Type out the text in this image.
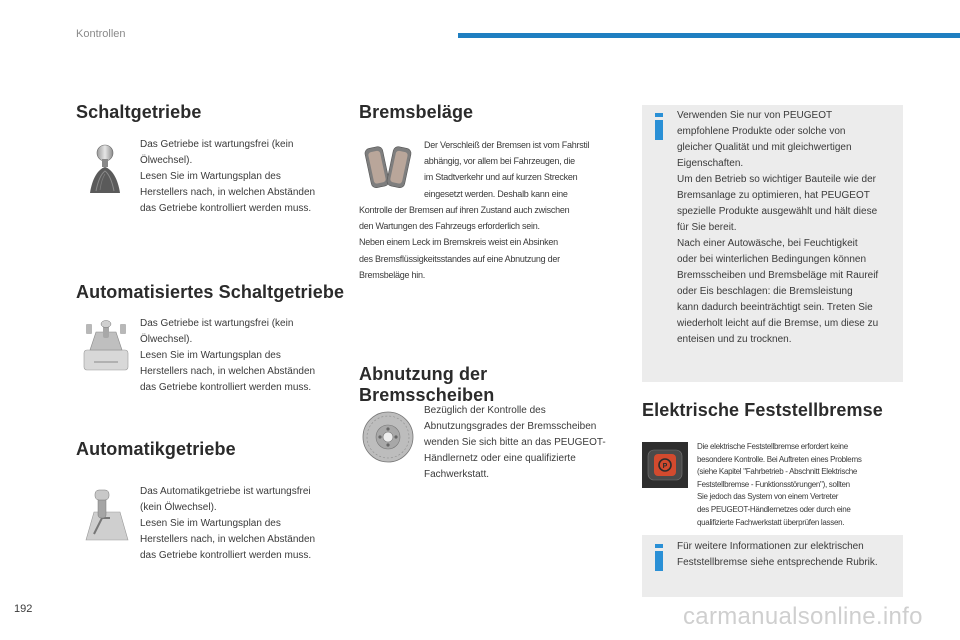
Kontrollen
Schaltgetriebe

Das Getriebe ist wartungsfrei (kein

Ölwechsel).

Lesen Sie im Wartungsplan des

Herstellers nach, in welchen Abständen

das Getriebe kontrolliert werden muss.

Automatisiertes Schaltgetriebe

Das Getriebe ist wartungsfrei (kein

Ölwechsel).

Lesen Sie im Wartungsplan des

Herstellers nach, in welchen Abständen

das Getriebe kontrolliert werden muss.

Automatikgetriebe

Das Automatikgetriebe ist wartungsfrei

(kein Ölwechsel).

Lesen Sie im Wartungsplan des

Herstellers nach, in welchen Abständen

das Getriebe kontrolliert werden muss.

Bremsbeläge

Der Verschleiß der Bremsen ist vom Fahrstil

abhängig, vor allem bei Fahrzeugen, die

im Stadtverkehr und auf kurzen Strecken

eingesetzt werden. Deshalb kann eine

Kontrolle der Bremsen auf ihren Zustand auch zwischen

den Wartungen des Fahrzeugs erforderlich sein.

Neben einem Leck im Bremskreis weist ein Absinken

des Bremsflüssigkeitsstandes auf eine Abnutzung der

Bremsbeläge hin.

Abnutzung der
Bremsscheiben

Bezüglich der Kontrolle des

Abnutzungsgrades der Bremsscheiben

wenden Sie sich bitte an das PEUGEOT-

Händlernetz oder eine qualifizierte

Fachwerkstatt.

Verwenden Sie nur von PEUGEOT

empfohlene Produkte oder solche von

gleicher Qualität und mit gleichwertigen

Eigenschaften.

Um den Betrieb so wichtiger Bauteile wie der

Bremsanlage zu optimieren, hat PEUGEOT

spezielle Produkte ausgewählt und hält diese

für Sie bereit.

Nach einer Autowäsche, bei Feuchtigkeit

oder bei winterlichen Bedingungen können

Bremsscheiben und Bremsbeläge mit Raureif

oder Eis beschlagen: die Bremsleistung

kann dadurch beeinträchtigt sein. Treten Sie

wiederholt leicht auf die Bremse, um diese zu

enteisen und zu trocknen.

Elektrische Feststellbremse
P

Die elektrische Feststellbremse erfordert keine

besondere Kontrolle. Bei Auftreten eines Problems

(siehe Kapitel "Fahrbetrieb - Abschnitt Elektrische

Feststellbremse - Funktionsstörungen"), sollten

Sie jedoch das System von einem Vertreter

des PEUGEOT-Händlernetzes oder durch eine

qualifizierte Fachwerkstatt überprüfen lassen.

Für weitere Informationen zur elektrischen

Feststellbremse siehe entsprechende Rubrik.

192	carmanualsonline.info
